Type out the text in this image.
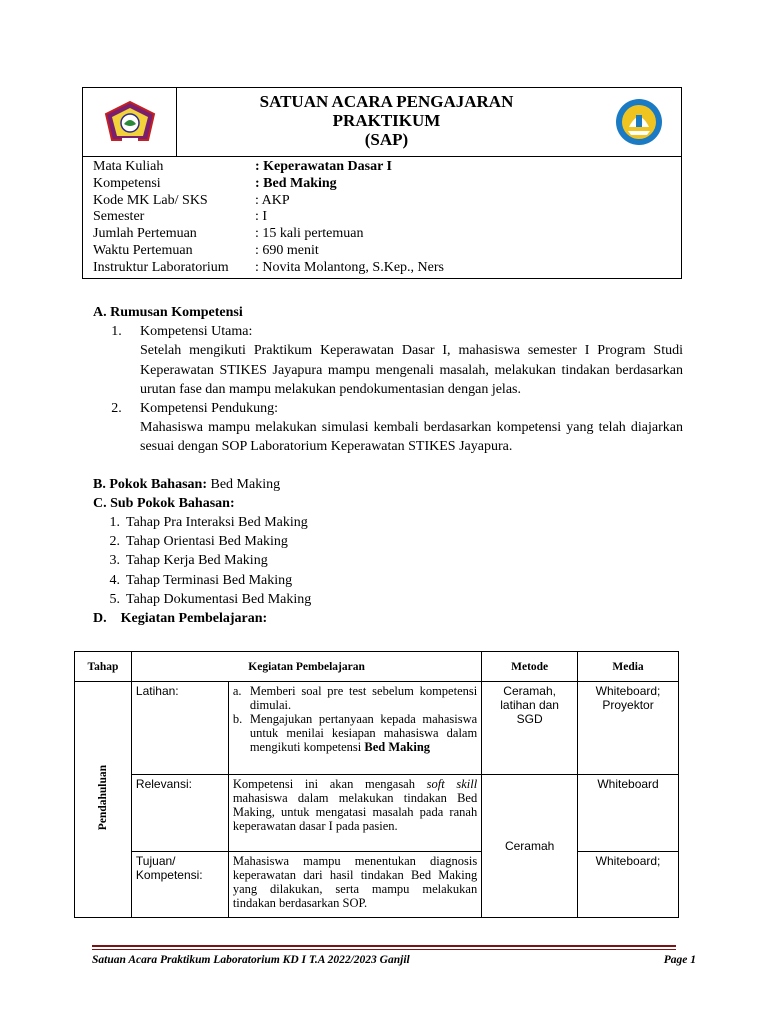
SATUAN ACARA PENGAJARAN
PRAKTIKUM
(SAP)
Mata Kuliah	: Keperawatan Dasar I
Kompetensi	: Bed Making
Kode MK Lab/ SKS	: AKP
Semester	: I
Jumlah Pertemuan	: 15 kali pertemuan
Waktu Pertemuan	: 690 menit
Instruktur Laboratorium	: Novita Molantong, S.Kep., Ners
A. Rumusan Kompetensi
1.	Kompetensi Utama:
Setelah mengikuti Praktikum Keperawatan Dasar I, mahasiswa semester I Program Studi Keperawatan STIKES Jayapura mampu mengenali masalah, melakukan tindakan berdasarkan urutan fase dan mampu melakukan pendokumentasian dengan jelas.
2.	Kompetensi Pendukung:
Mahasiswa mampu melakukan simulasi kembali berdasarkan kompetensi yang telah diajarkan sesuai dengan SOP Laboratorium Keperawatan STIKES Jayapura.
B. Pokok Bahasan: Bed Making
C. Sub Pokok Bahasan:
1. Tahap Pra Interaksi Bed Making
2. Tahap Orientasi Bed Making
3. Tahap Kerja Bed Making
4. Tahap Terminasi Bed Making
5. Tahap Dokumentasi Bed Making
D.    Kegiatan Pembelajaran:
Tahap	Kegiatan Pembelajaran		Metode	Media
Pendahuluan	Latihan:	a. Memberi soal pre test sebelum kompetensi dimulai.
b. Mengajukan pertanyaan kepada mahasiswa untuk menilai kesiapan mahasiswa dalam mengikuti kompetensi Bed Making	Ceramah, latihan dan SGD	Whiteboard; Proyektor
	Relevansi:	Kompetensi ini akan mengasah soft skill mahasiswa dalam melakukan tindakan Bed Making, untuk mengatasi masalah pada ranah keperawatan dasar I pada pasien.	Ceramah	Whiteboard
	Tujuan/ Kompetensi:	Mahasiswa mampu menentukan diagnosis keperawatan dari hasil tindakan Bed Making yang dilakukan, serta mampu melakukan tindakan berdasarkan SOP.		Whiteboard;
Satuan Acara Praktikum Laboratorium KD I T.A 2022/2023 Ganjil	Page 1
